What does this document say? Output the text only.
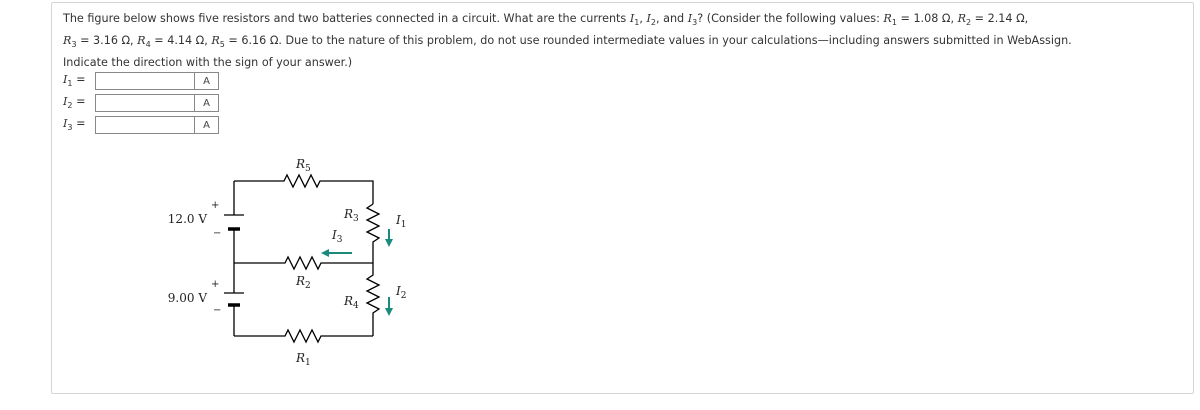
The figure below shows five resistors and two batteries connected in a circuit. What are the currents $I_1$, $I_2$, and $I_3$? (Consider the following values: $R_1 = 1.08$ Ω, $R_2 = 2.14$ Ω,

$R_3 = 3.16$ Ω, $R_4 = 4.14$ Ω, $R_5 = 6.16$ Ω. Due to the nature of this problem, do not use rounded intermediate values in your calculations—including answers submitted in WebAssign.

Indicate the direction with the sign of your answer.)

$I_1$ =	A
$I_2$ =	A
$I_3$ =	A
+
−
12.0 V
+
−
9.00 V
$R_5$
$R_3$
$R_2$
$R_4$
$R_1$
$I_1$
$I_2$
$I_3$
